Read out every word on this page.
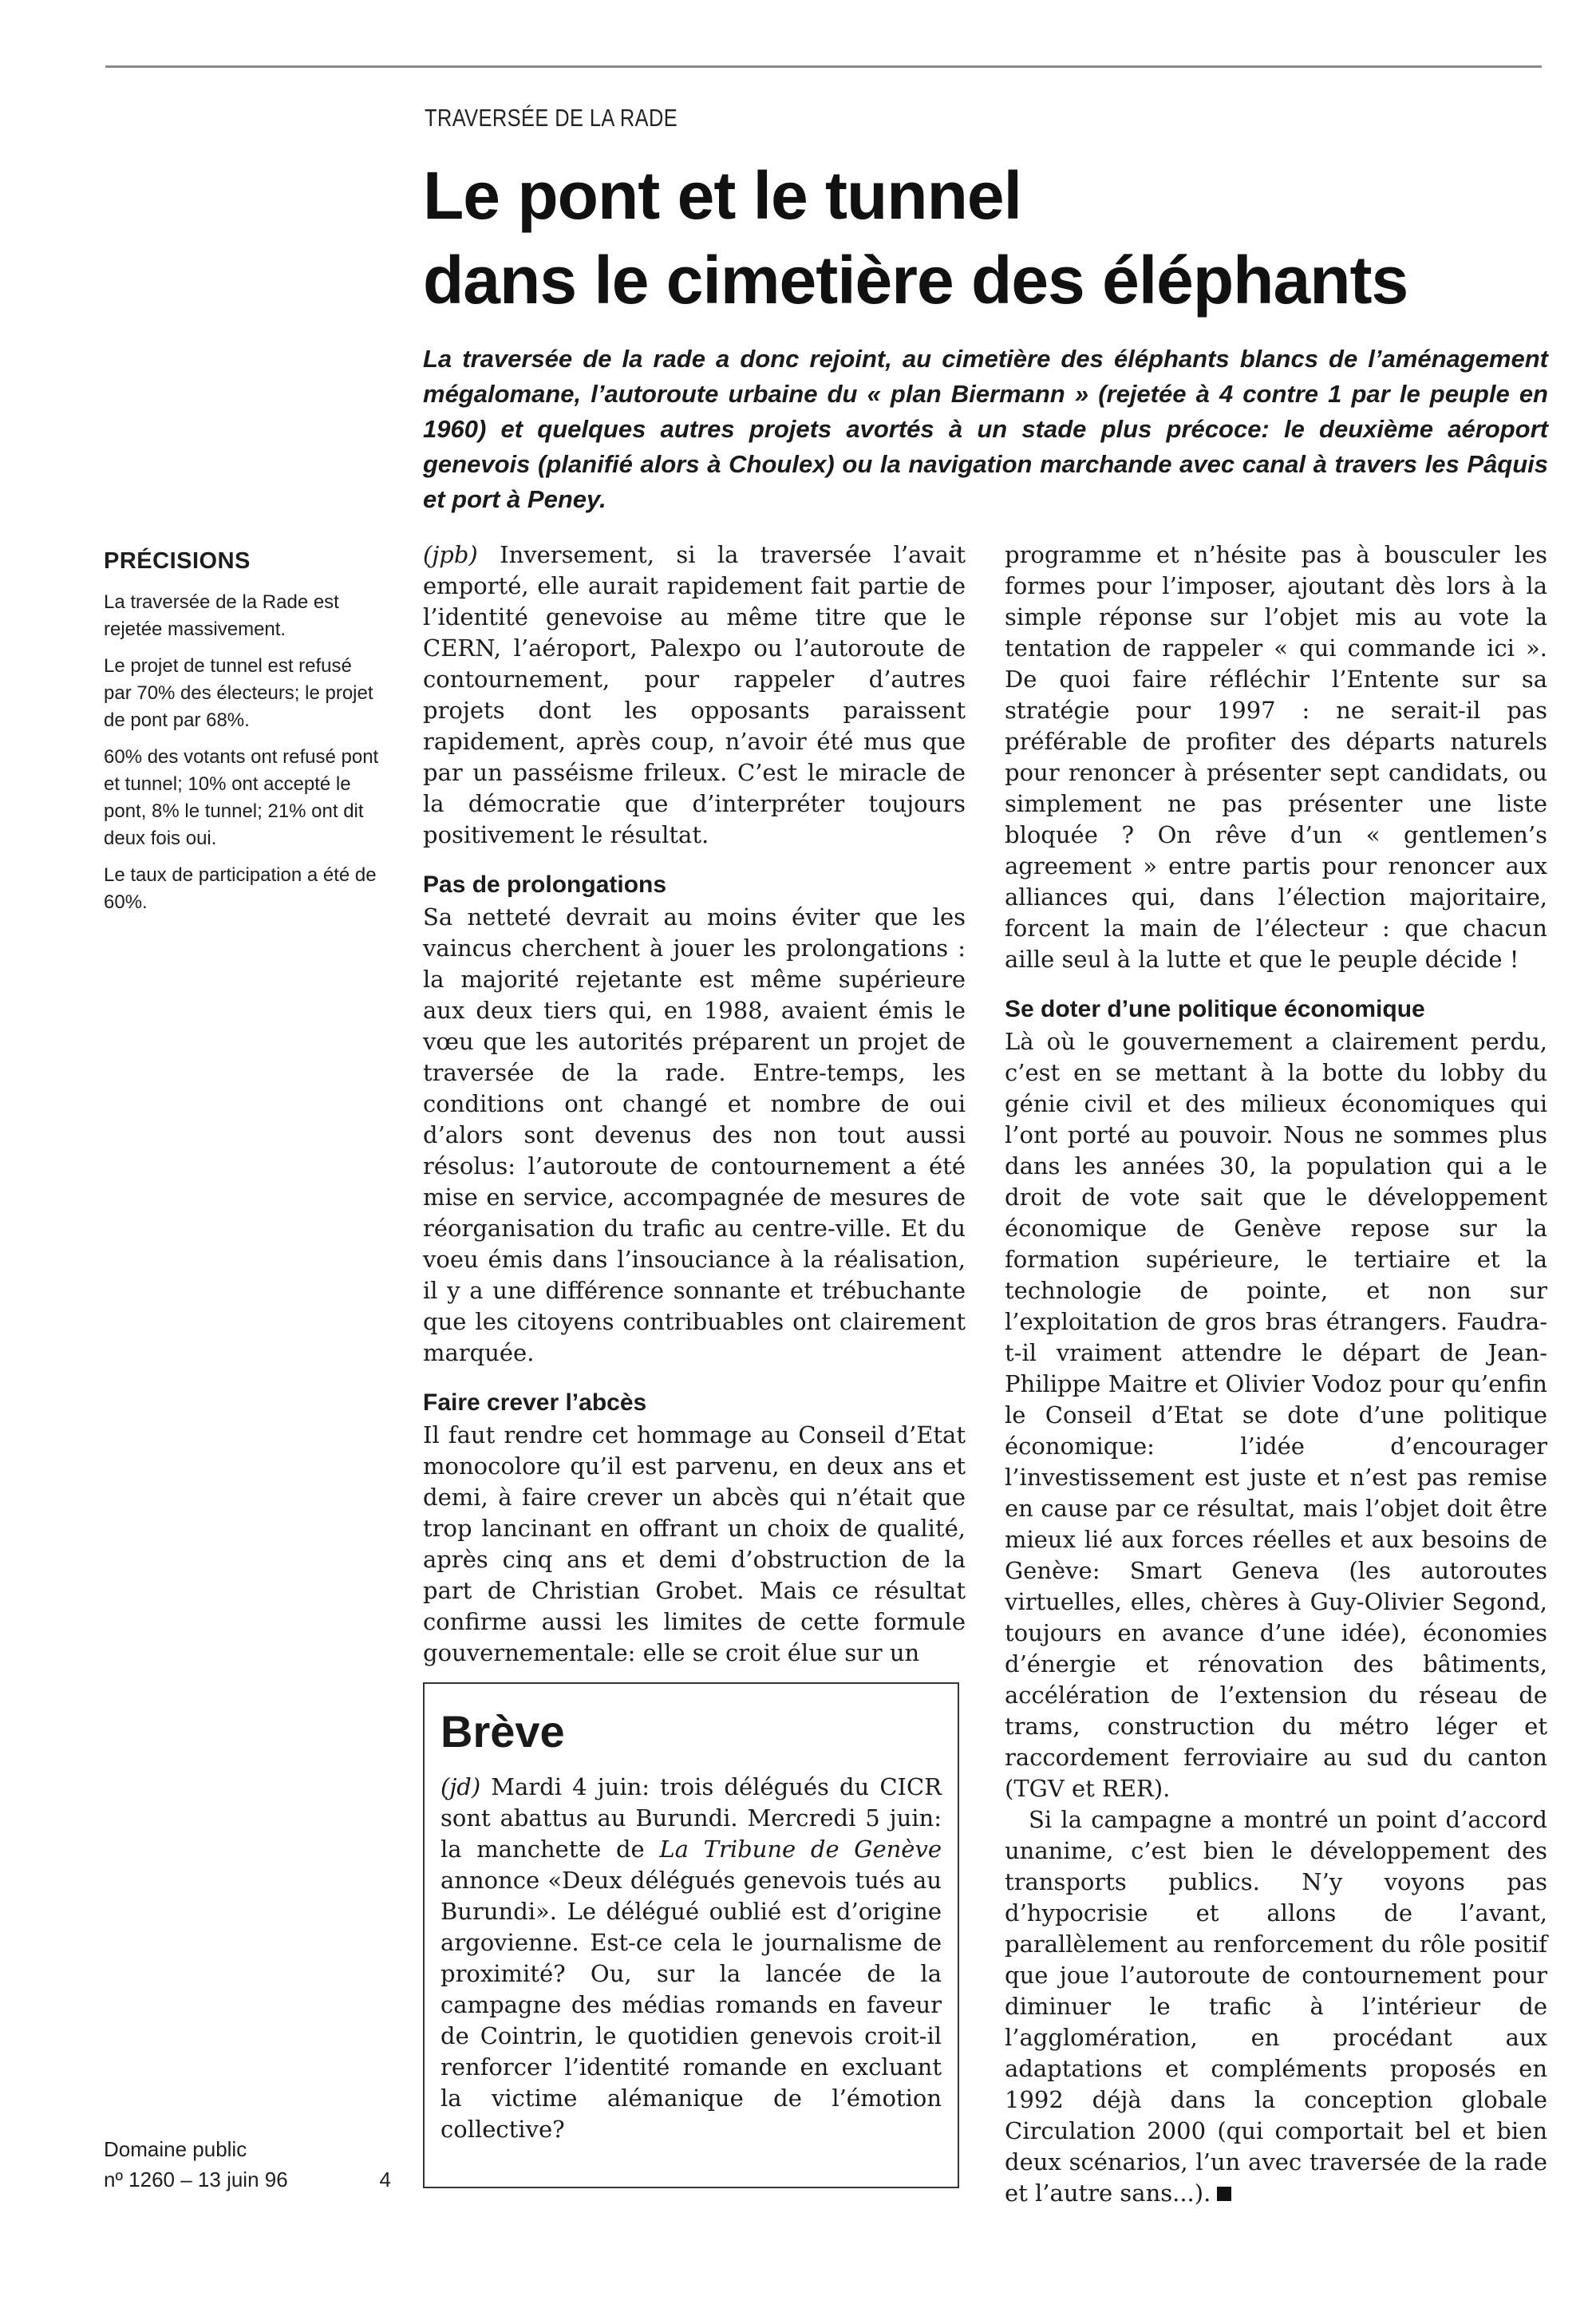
TRAVERSÉE DE LA RADE
Le pont et le tunnel
dans le cimetière des éléphants

La traversée de la rade a donc rejoint, au cimetière des éléphants blancs de l’aménagement mégalomane, l’autoroute urbaine du « plan Biermann » (rejetée à 4 contre 1 par le peuple en 1960) et quelques autres projets avortés à un stade plus précoce: le deuxième aéroport genevois (planifié alors à Choulex) ou la navigation marchande avec canal à travers les Pâquis et port à Peney.

PRÉCISIONS

La traversée de la Rade est rejetée massivement.

Le projet de tunnel est refusé par 70% des électeurs; le projet de pont par 68%.

60% des votants ont refusé pont et tunnel; 10% ont accepté le pont, 8% le tunnel; 21% ont dit deux fois oui.

Le taux de participation a été de 60%.

Domaine public
nº 1260 – 13 juin 96	4

(jpb) Inversement, si la traversée l’avait emporté, elle aurait rapidement fait partie de l’identité genevoise au même titre que le CERN, l’aéroport, Palexpo ou l’autoroute de contournement, pour rappeler d’autres projets dont les opposants paraissent rapidement, après coup, n’avoir été mus que par un passéisme frileux. C’est le miracle de la démocratie que d’interpréter toujours positivement le résultat.

Pas de prolongations

Sa netteté devrait au moins éviter que les vaincus cherchent à jouer les prolongations : la majorité rejetante est même supérieure aux deux tiers qui, en 1988, avaient émis le vœu que les autorités préparent un projet de traversée de la rade. Entre-temps, les conditions ont changé et nombre de oui d’alors sont devenus des non tout aussi résolus: l’autoroute de contournement a été mise en service, accompagnée de mesures de réorganisation du trafic au centre-ville. Et du voeu émis dans l’insouciance à la réalisation, il y a une différence sonnante et trébuchante que les citoyens contribuables ont clairement marquée.

Faire crever l’abcès

Il faut rendre cet hommage au Conseil d’Etat monocolore qu’il est parvenu, en deux ans et demi, à faire crever un abcès qui n’était que trop lancinant en offrant un choix de qualité, après cinq ans et demi d’obstruction de la part de Christian Grobet. Mais ce résultat confirme aussi les limites de cette formule gouvernementale: elle se croit élue sur un

programme et n’hésite pas à bousculer les formes pour l’imposer, ajoutant dès lors à la simple réponse sur l’objet mis au vote la tentation de rappeler « qui commande ici ». De quoi faire réfléchir l’Entente sur sa stratégie pour 1997 : ne serait-il pas préférable de profiter des départs naturels pour renoncer à présenter sept candidats, ou simplement ne pas présenter une liste bloquée ? On rêve d’un « gentlemen’s agreement » entre partis pour renoncer aux alliances qui, dans l’élection majoritaire, forcent la main de l’électeur : que chacun aille seul à la lutte et que le peuple décide !

Se doter d’une politique économique

Là où le gouvernement a clairement perdu, c’est en se mettant à la botte du lobby du génie civil et des milieux économiques qui l’ont porté au pouvoir. Nous ne sommes plus dans les années 30, la population qui a le droit de vote sait que le développement économique de Genève repose sur la formation supérieure, le tertiaire et la technologie de pointe, et non sur l’exploitation de gros bras étrangers. Faudra-t-il vraiment attendre le départ de Jean-Philippe Maitre et Olivier Vodoz pour qu’enfin le Conseil d’Etat se dote d’une politique économique: l’idée d’encourager l’investissement est juste et n’est pas remise en cause par ce résultat, mais l’objet doit être mieux lié aux forces réelles et aux besoins de Genève: Smart Geneva (les autoroutes virtuelles, elles, chères à Guy-Olivier Segond, toujours en avance d’une idée), économies d’énergie et rénovation des bâtiments, accélération de l’extension du réseau de trams, construction du métro léger et raccordement ferroviaire au sud du canton (TGV et RER).

Si la campagne a montré un point d’accord unanime, c’est bien le développement des transports publics. N’y voyons pas d’hypocrisie et allons de l’avant, parallèlement au renforcement du rôle positif que joue l’autoroute de contournement pour diminuer le trafic à l’intérieur de l’agglomération, en procédant aux adaptations et compléments proposés en 1992 déjà dans la conception globale Circulation 2000 (qui comportait bel et bien deux scénarios, l’un avec traversée de la rade et l’autre sans...).

Brève

(jd) Mardi 4 juin: trois délégués du CICR sont abattus au Burundi. Mercredi 5 juin: la manchette de La Tribune de Genève annonce «Deux délégués genevois tués au Burundi». Le délégué oublié est d’origine argovienne. Est-ce cela le journalisme de proximité? Ou, sur la lancée de la campagne des médias romands en faveur de Cointrin, le quotidien genevois croit-il renforcer l’identité romande en excluant la victime alémanique de l’émotion collective?
